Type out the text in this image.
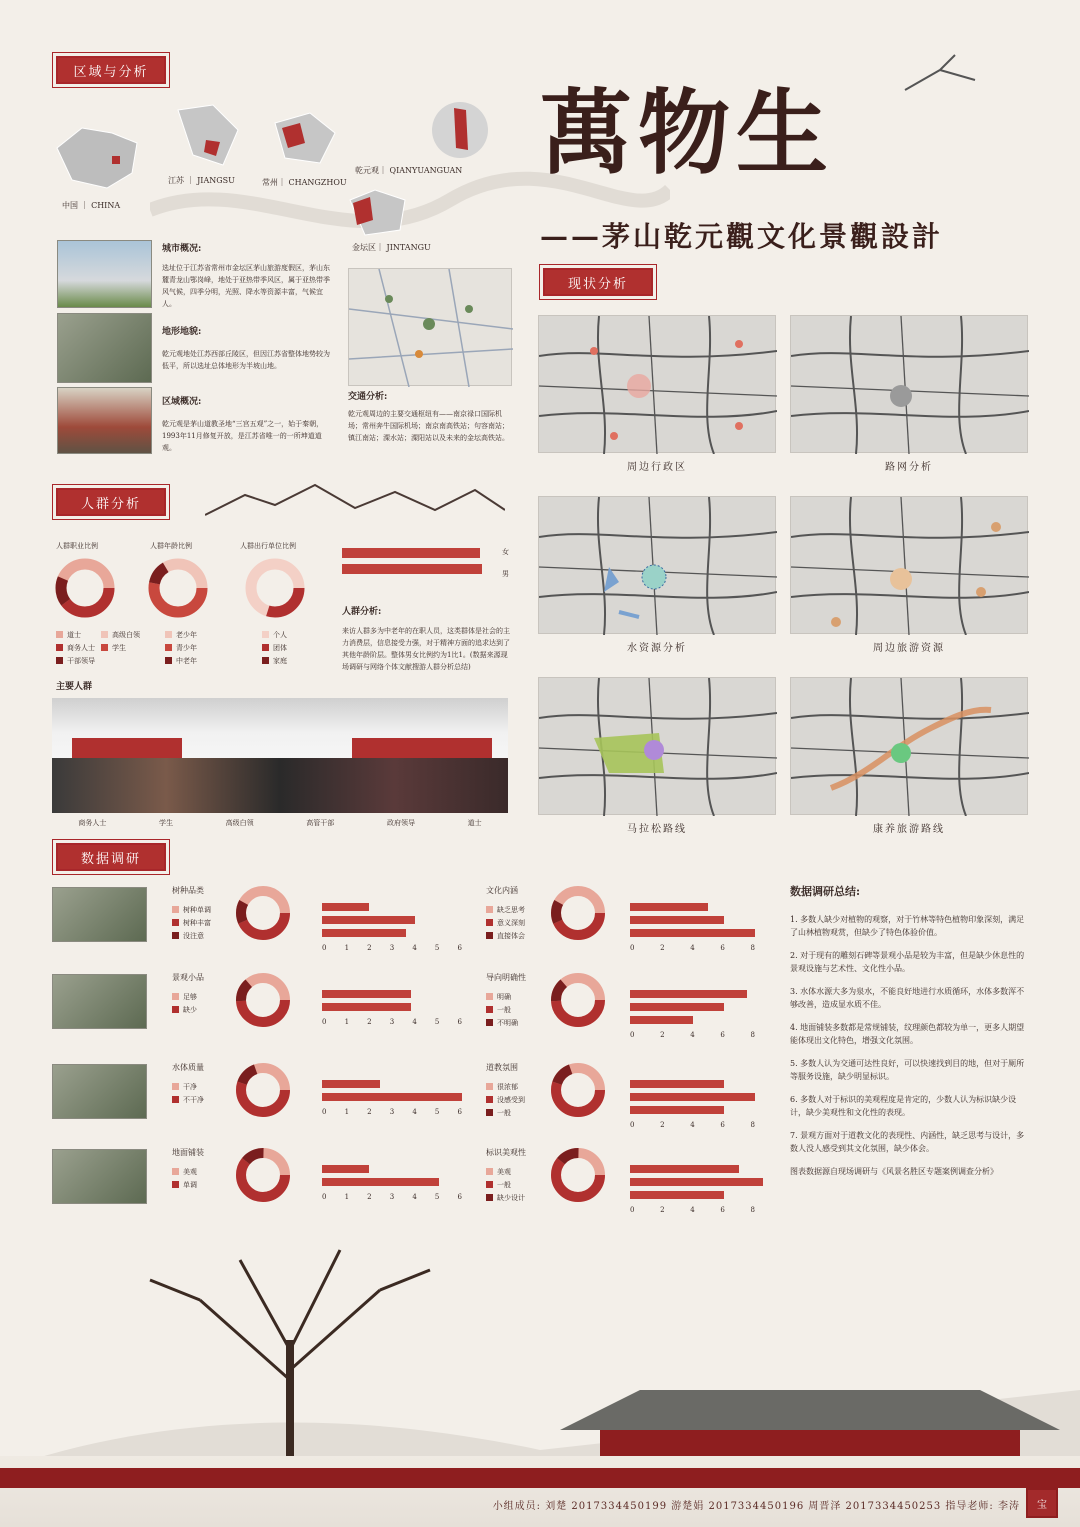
萬物生
——茅山乾元觀文化景觀設計
区域与分析
现状分析
人群分析
数据调研
中国 ｜ CHINA
江苏 ｜ JIANGSU	常州｜ CHANGZHOU
乾元观｜ QIANYUANGUAN
金坛区｜ JINTANGU
城市概况:
选址位于江苏省常州市金坛区茅山旅游度假区，茅山东麓青龙山鄂岗峰，地处于亚热带季风区，属于亚热带季风气候，四季分明，光照、降水等资源丰富，气候宜人。
地形地貌:
乾元观地处江苏西部丘陵区，但因江苏省整体地势较为低平，所以选址总体地形为半坡山地。
区域概况:
乾元观是茅山道教圣地“三宫五观”之一，始于秦朝，1993年11月修复开放，是江苏省唯一的一所坤道道观。
交通分析:
乾元观周边的主要交通枢纽有——南京禄口国际机场；常州奔牛国际机场；南京南高铁站；句容南站；镇江南站；溧水站；溧阳站以及未来的金坛高铁站。
周边行政区	路网分析
水资源分析	周边旅游资源
马拉松路线	康养旅游路线
人群职业比例	人群年龄比例	人群出行单位比例
道士	高级白领
商务人士 学生
干部领导
老少年
青少年
中老年
个人
团体
家庭
女
男
人群分析:
来访人群多为中老年的在职人员，这类群体是社会的主力消费层，信息接受力强，对于精神方面的追求达到了其他年龄阶层。整体男女比例约为1比1。(数据来源现场调研与网络个体文献搜游人群分析总结)
主要人群
商务人士	学生	高级白领	高管干部	政府领导	道士
树种品类
树种单调
树种丰富
没注意
0	1	2	3	4	5	6
景观小品
足够
缺少
0	1	2	3	4	5	6
水体质量
干净
不干净
0	1	2	3	4	5	6
地面铺装
美观
单调
0	1	2	3	4	5	6
文化内涵
缺乏思考
意义深刻
直接体会
0	2	4	6	8
导向明确性
明确
一般
不明确
0	2	4	6	8
道教氛围
很浓郁
没感受到
一般
0	2	4	6	8
标识美观性
美观
一般
缺少设计
0	2	4	6	8
数据调研总结:

1. 多数人缺少对植物的观察，对于竹林等特色植物印象深刻，满足了山林植物观赏，但缺少了特色体验价值。

2. 对于现有的雕刻石碑等景观小品是较为丰富，但是缺少休息性的景观设施与艺术性、文化性小品。

3. 水体水源大多为泉水，不能良好地进行水质循环，水体多数浑不够改善，造成显水质不佳。

4. 地面铺装多数都是常规铺装，纹理颜色都较为单一，更多人期望能体现出文化特色，增强文化氛围。

5. 多数人认为交通可达性良好，可以快速找到目的地，但对于厕所等服务设施，缺少明显标识。

6. 多数人对于标识的美观程度是肯定的，少数人认为标识缺少设计，缺少美观性和文化性的表现。

7. 景观方面对于道教文化的表现性、内涵性，缺乏思考与设计，多数人没人感受到其文化氛围，缺少体会。

图表数据源自现场调研与《风景名胜区专题案例调查分析》

小组成员: 刘楚 2017334450199 游楚娟 2017334450196 周晋泽 2017334450253 指导老师: 李涛	宝
